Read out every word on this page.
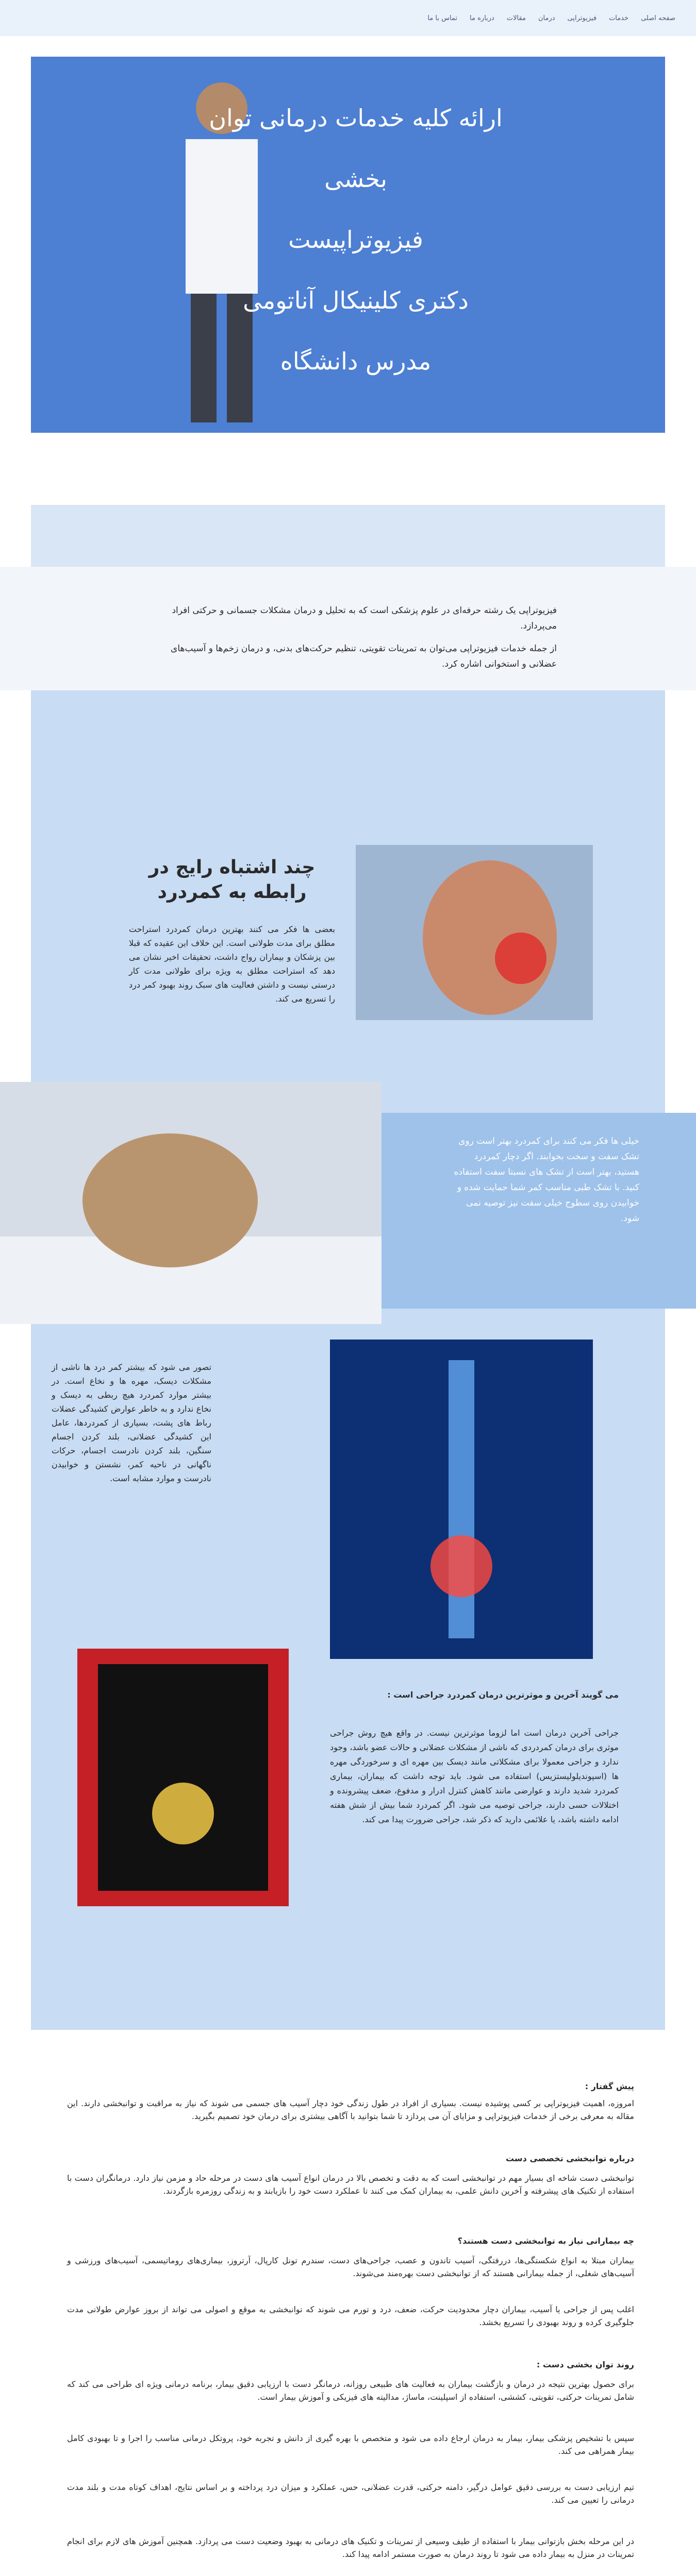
صفحه اصلی
خدمات
فیزیوتراپی
درمان
مقالات
درباره ما
تماس با ما
ارائه کلیه خدمات درمانی توان بخشی
فیزیوتراپیست
دکتری کلینیکال آناتومی
مدرس دانشگاه

فیزیوتراپی یک رشته حرفه‌ای در علوم پزشکی است که به تحلیل و درمان مشکلات جسمانی و حرکتی افراد می‌پردازد.

از جمله خدمات فیزیوتراپی می‌توان به تمرینات تقویتی، تنظیم حرکت‌های بدنی، و درمان زخم‌ها و آسیب‌های عضلانی و استخوانی اشاره کرد.

چند اشتباه رایج در رابطه به کمردرد
بعضی ها فکر می کنند بهترین درمان کمردرد استراحت مطلق برای مدت طولانی است. این خلاف این عقیده که قبلا بین پزشکان و بیماران رواج داشت، تحقیقات اخیر نشان می دهد که استراحت مطلق به ویژه برای طولانی مدت کار درستی نیست و داشتن فعالیت های سبک روند بهبود کمر درد را تسریع می کند.
خیلی ها فکر می کنند برای کمردرد بهتر است روی تشک سفت و سخت بخوابند. اگر دچار کمردرد هستید، بهتر است از تشک های نسبتا سفت استفاده کنید. با تشک طبی مناسب کمر شما حمایت شده و خوابیدن روی سطوح خیلی سفت نیز توصیه نمی شود.
تصور می شود که بیشتر کمر درد ها ناشی از مشکلات دیسک، مهره ها و نخاع است. در بیشتر موارد کمردرد هیچ ربطی به دیسک و نخاع ندارد و به خاطر عوارض کشیدگی عضلات رباط های پشت، بسیاری از کمردردها، عامل این کشیدگی عضلانی، بلند کردن اجسام سنگین، بلند کردن نادرست اجسام، حرکات ناگهانی در ناحیه کمر، نشستن و خوابیدن نادرست و موارد مشابه است.
می گویند آخرین و موثرترین درمان کمردرد جراحی است :
جراحی آخرین درمان است اما لزوما موثرترین نیست. در واقع هیچ روش جراحی موثری برای درمان کمردردی که ناشی از مشکلات عضلانی و حالات عضو باشد، وجود ندارد و جراحی معمولا برای مشکلاتی مانند دیسک بین مهره ای و سرخوردگی مهره ها (اسپوندیلولیستزیس) استفاده می شود. باید توجه داشت که بیماران، بیماری کمردرد شدید دارند و عوارضی مانند کاهش کنترل ادرار و مدفوع، ضعف پیشرونده و اختلالات حسی دارند، جراحی توصیه می شود. اگر کمردرد شما بیش از شش هفته ادامه داشته باشد، یا علائمی دارید که ذکر شد، جراحی ضرورت پیدا می کند.
پیش گفتار :

امروزه، اهمیت فیزیوتراپی بر کسی پوشیده نیست. بسیاری از افراد در طول زندگی خود دچار آسیب های جسمی می شوند که نیاز به مراقبت و توانبخشی دارند. این مقاله به معرفی برخی از خدمات فیزیوتراپی و مزایای آن می پردازد تا شما بتوانید با آگاهی بیشتری برای درمان خود تصمیم بگیرید.

درباره توانبخشی تخصصی دست

توانبخشی دست شاخه ای بسیار مهم در توانبخشی است که به دقت و تخصص بالا در درمان انواع آسیب های دست در مرحله حاد و مزمن نیاز دارد. درمانگران دست با استفاده از تکنیک های پیشرفته و آخرین دانش علمی، به بیماران کمک می کنند تا عملکرد دست خود را بازیابند و به زندگی روزمره بازگردند.

چه بیمارانی نیاز به توانبخشی دست هستند؟

بیماران مبتلا به انواع شکستگی‌ها، دررفتگی، آسیب تاندون و عصب، جراحی‌های دست، سندرم تونل کارپال، آرتروز، بیماری‌های روماتیسمی، آسیب‌های ورزشی و آسیب‌های شغلی، از جمله بیمارانی هستند که از توانبخشی دست بهره‌مند می‌شوند.

اغلب پس از جراحی یا آسیب، بیماران دچار محدودیت حرکت، ضعف، درد و تورم می شوند که توانبخشی به موقع و اصولی می تواند از بروز عوارض طولانی مدت جلوگیری کرده و روند بهبودی را تسریع بخشد.

روند توان بخشی دست :

برای حصول بهترین نتیجه در درمان و بازگشت بیماران به فعالیت های طبیعی روزانه، درمانگر دست با ارزیابی دقیق بیمار، برنامه درمانی ویژه ای طراحی می کند که شامل تمرینات حرکتی، تقویتی، کششی، استفاده از اسپلینت، ماساژ، مدالیته های فیزیکی و آموزش بیمار است.

سپس با تشخیص پزشکی بیمار، بیمار به درمان ارجاع داده می شود و متخصص با بهره گیری از دانش و تجربه خود، پروتکل درمانی مناسب را اجرا و تا بهبودی کامل بیمار همراهی می کند.

تیم ارزیابی دست به بررسی دقیق عوامل درگیر، دامنه حرکتی، قدرت عضلانی، حس، عملکرد و میزان درد پرداخته و بر اساس نتایج، اهداف کوتاه مدت و بلند مدت درمانی را تعیین می کند.

در این مرحله بخش بازتوانی بیمار با استفاده از طیف وسیعی از تمرینات و تکنیک های درمانی به بهبود وضعیت دست می پردازد. همچنین آموزش های لازم برای انجام تمرینات در منزل به بیمار داده می شود تا روند درمان به صورت مستمر ادامه پیدا کند.
